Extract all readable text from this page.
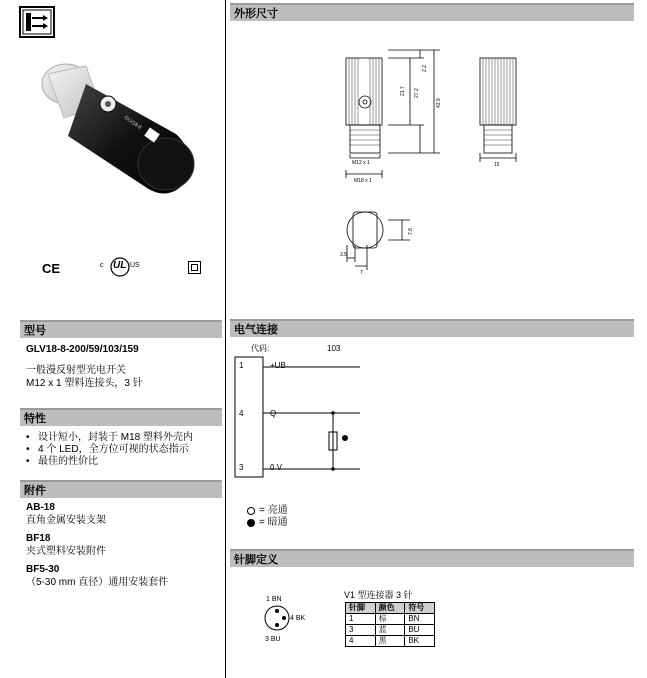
GLV18-8
CE	c UL US
型号
GLV18-8-200/59/103/159
一般漫反射型光电开关
M12 x 1 塑料连接头，3 针
特性
• 设计短小，封装于 M18 塑料外壳内
• 4 个 LED，全方位可视的状态指示
• 最佳的性价比
附件
AB-18
直角金属安装支架
BF18
夹式塑料安装附件
BF5-30
（5-30 mm 直径）通用安装套件
外形尺寸
M12 x 1
M18 x 1
21.7 27.2
2.2
43.9
15
7.8
3.5
7
电气连接
代码:	103
1	+UB
4	Q
3	0 V
= 亮通
= 暗通
针脚定义
1 BN
4 BK
3 BU
V1 型连接器 3 针
针脚	颜色	符号
1	棕	BN
3	蓝	BU
4	黑	BK
